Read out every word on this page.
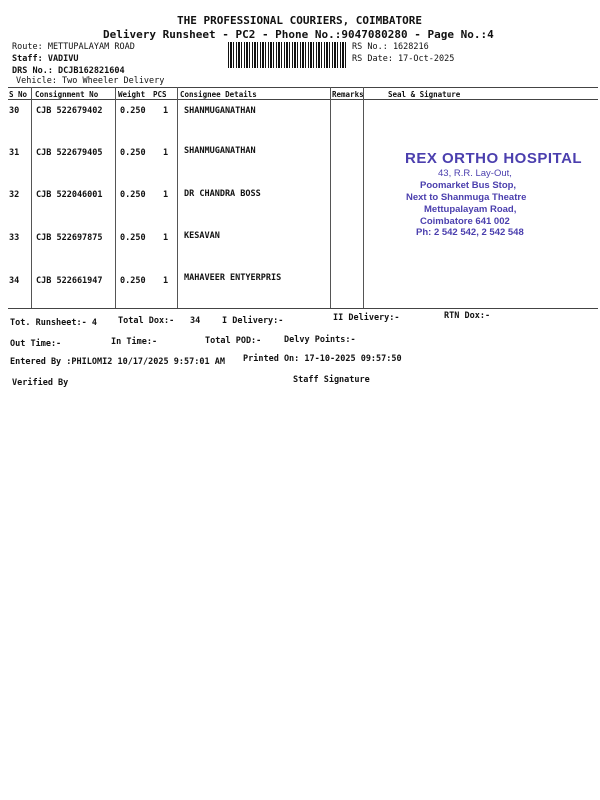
THE PROFESSIONAL COURIERS, COIMBATORE
Delivery Runsheet - PC2 - Phone No.:9047080280 - Page No.:4
Route: METTUPALAYAM ROAD
Staff: VADIVU
DRS No.: DCJB162821604
Vehicle: Two Wheeler Delivery
RS No.: 1628216
RS Date: 17-Oct-2025
S No Consignment No	Weight PCS Consignee Details	Remarks	Seal & Signature
30 CJB 522679402 0.250 1 SHANMUGANATHAN
31 CJB 522679405 0.250 1 SHANMUGANATHAN
32 CJB 522046001 0.250 1 DR CHANDRA BOSS
33 CJB 522697875 0.250 1 KESAVAN
34 CJB 522661947 0.250 1 MAHAVEER ENTYERPRIS
Tot. Runsheet:- 4 Total Dox:- 34	I Delivery:-	II Delivery:-	RTN Dox:-
Out Time:-	In Time:-	Total POD:-	Delvy Points:-
Entered By :PHILOMI2 10/17/2025 9:57:01 AM Printed On: 17-10-2025 09:57:50
Verified By	Staff Signature
REX ORTHO HOSPITAL
43, R.R. Lay-Out,
Poomarket Bus Stop,
Next to Shanmuga Theatre
Mettupalayam Road,
Coimbatore 641 002
Ph: 2 542 542, 2 542 548
